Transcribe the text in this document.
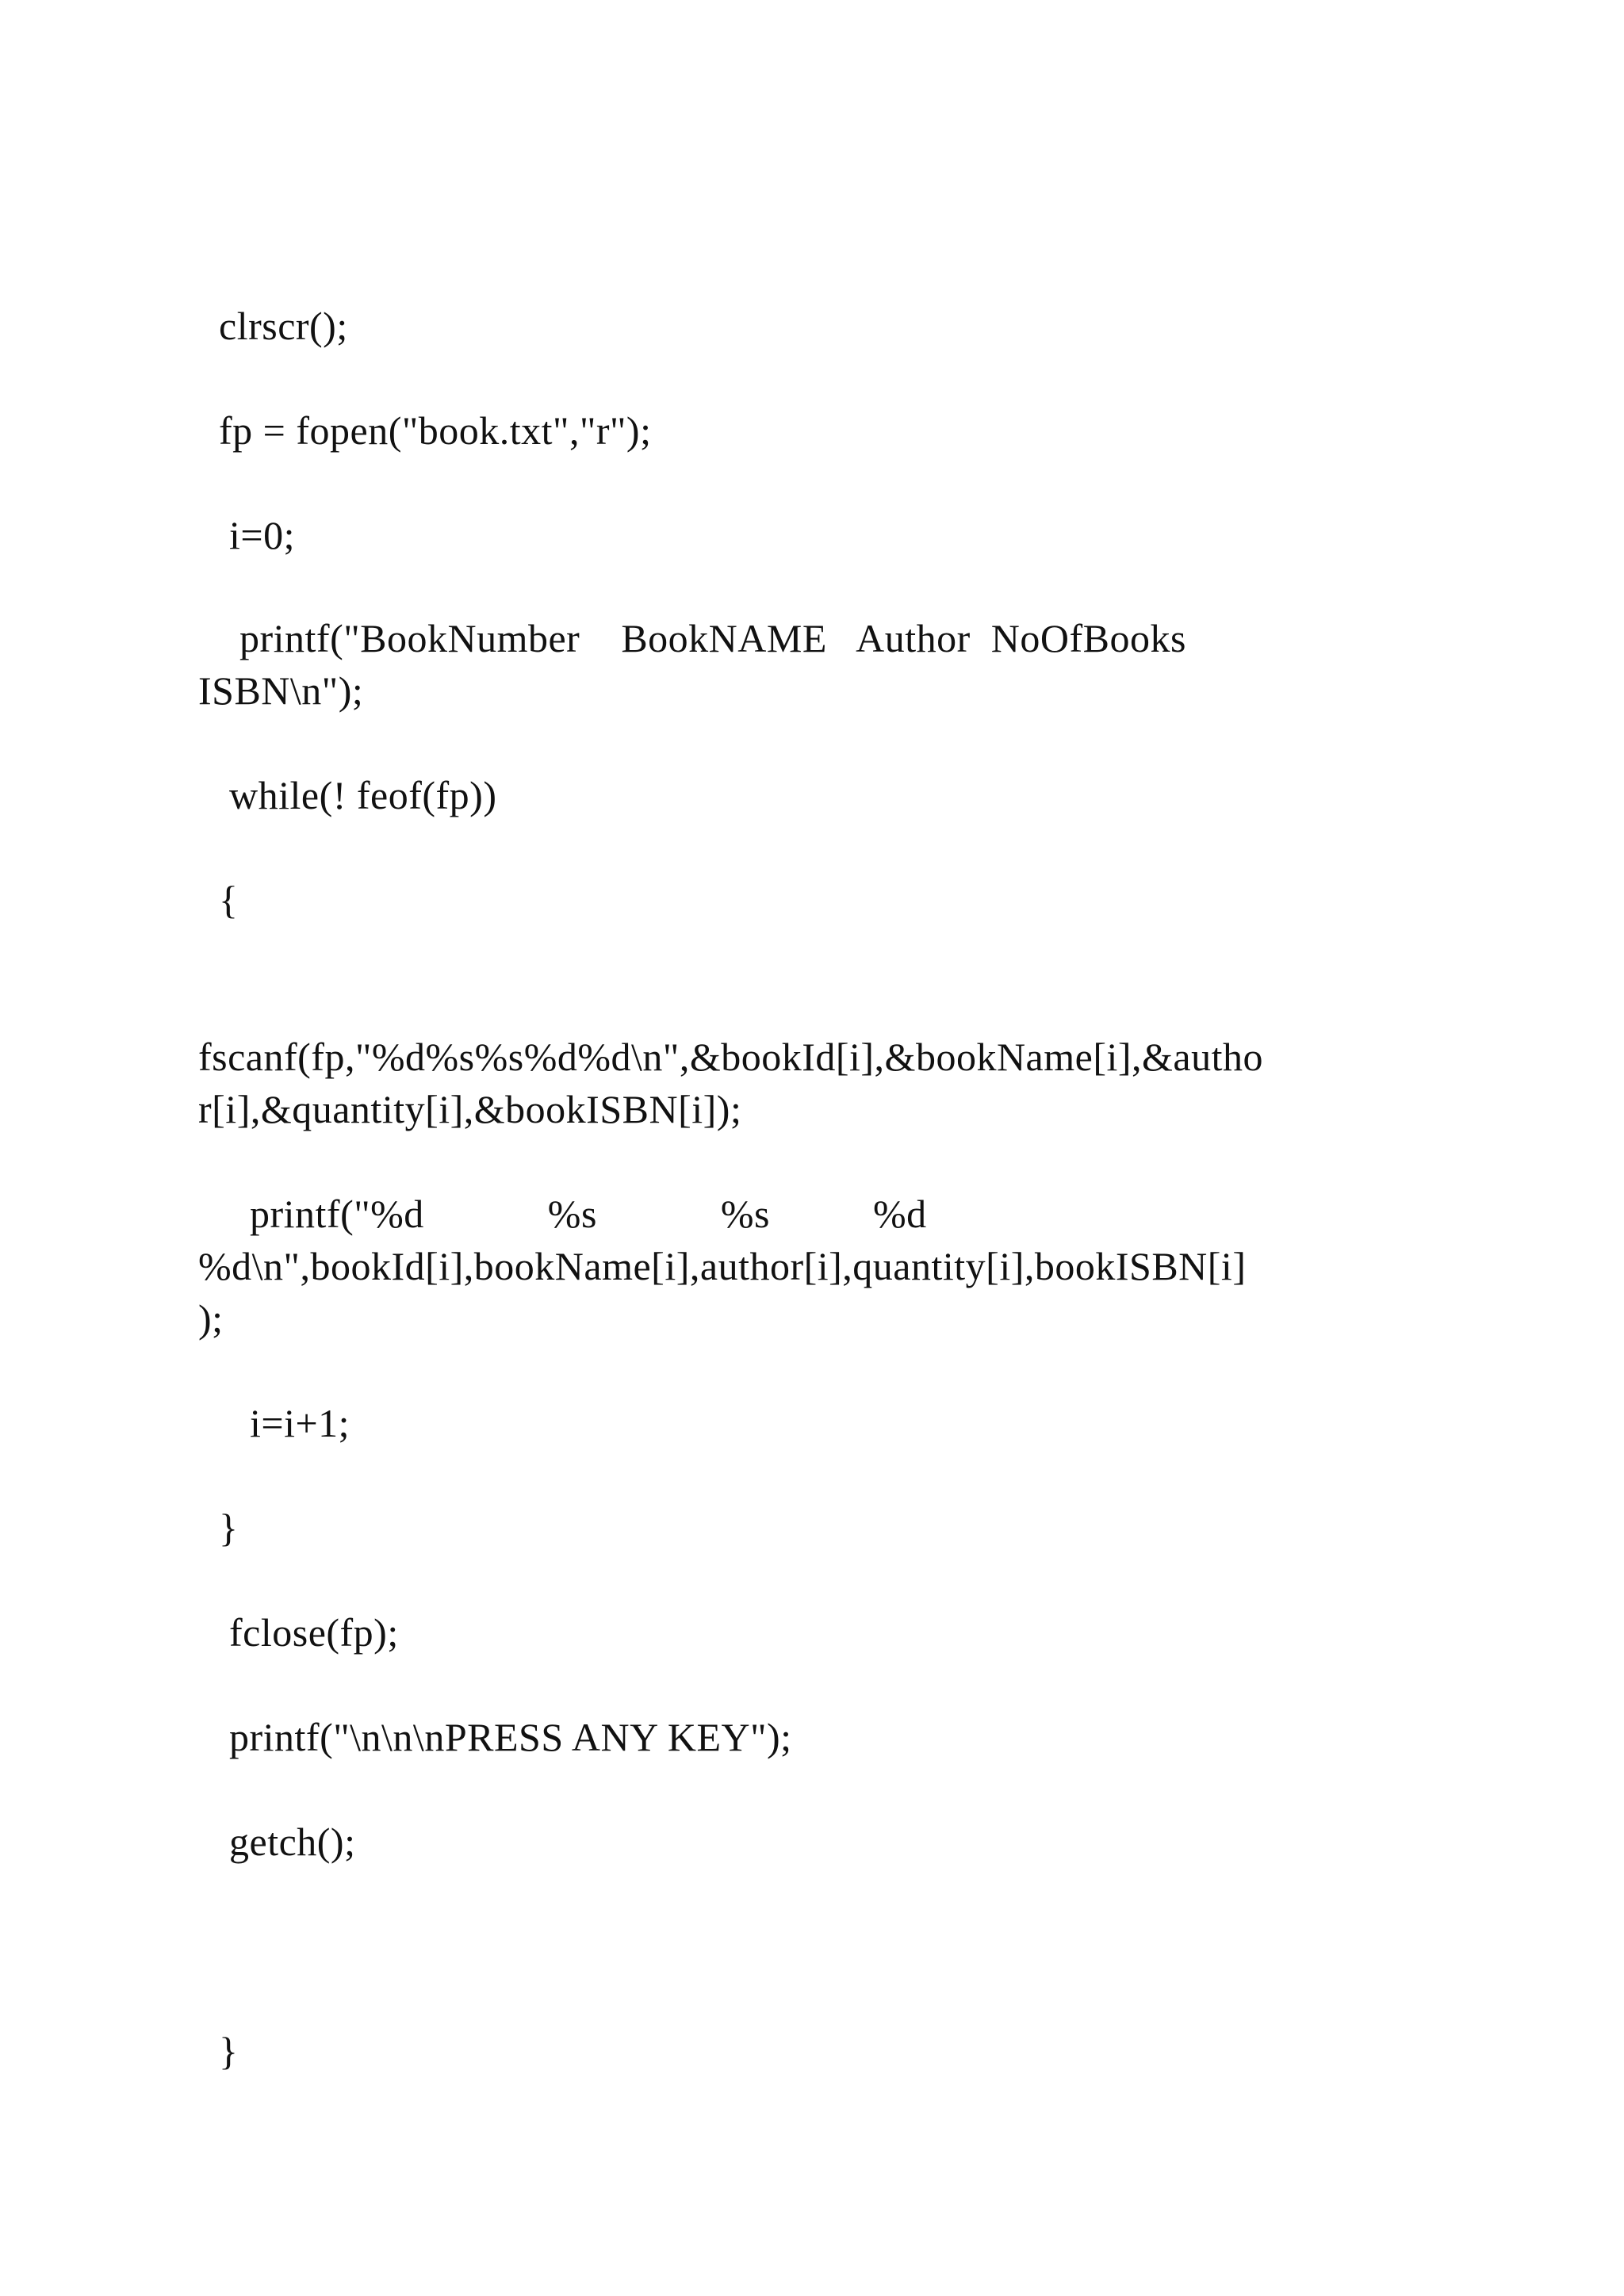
clrscr();

fp = fopen("book.txt","r");

i=0;

printf("BookNumber    BookNAME   Author  NoOfBooks

ISBN\n");

while(! feof(fp))

{

fscanf(fp,"%d%s%s%d%d\n",&bookId[i],&bookName[i],&autho

r[i],&quantity[i],&bookISBN[i]);

printf("%d            %s            %s          %d

%d\n",bookId[i],bookName[i],author[i],quantity[i],bookISBN[i]

);

i=i+1;

}

fclose(fp);

printf("\n\n\nPRESS ANY KEY");

getch();

}
